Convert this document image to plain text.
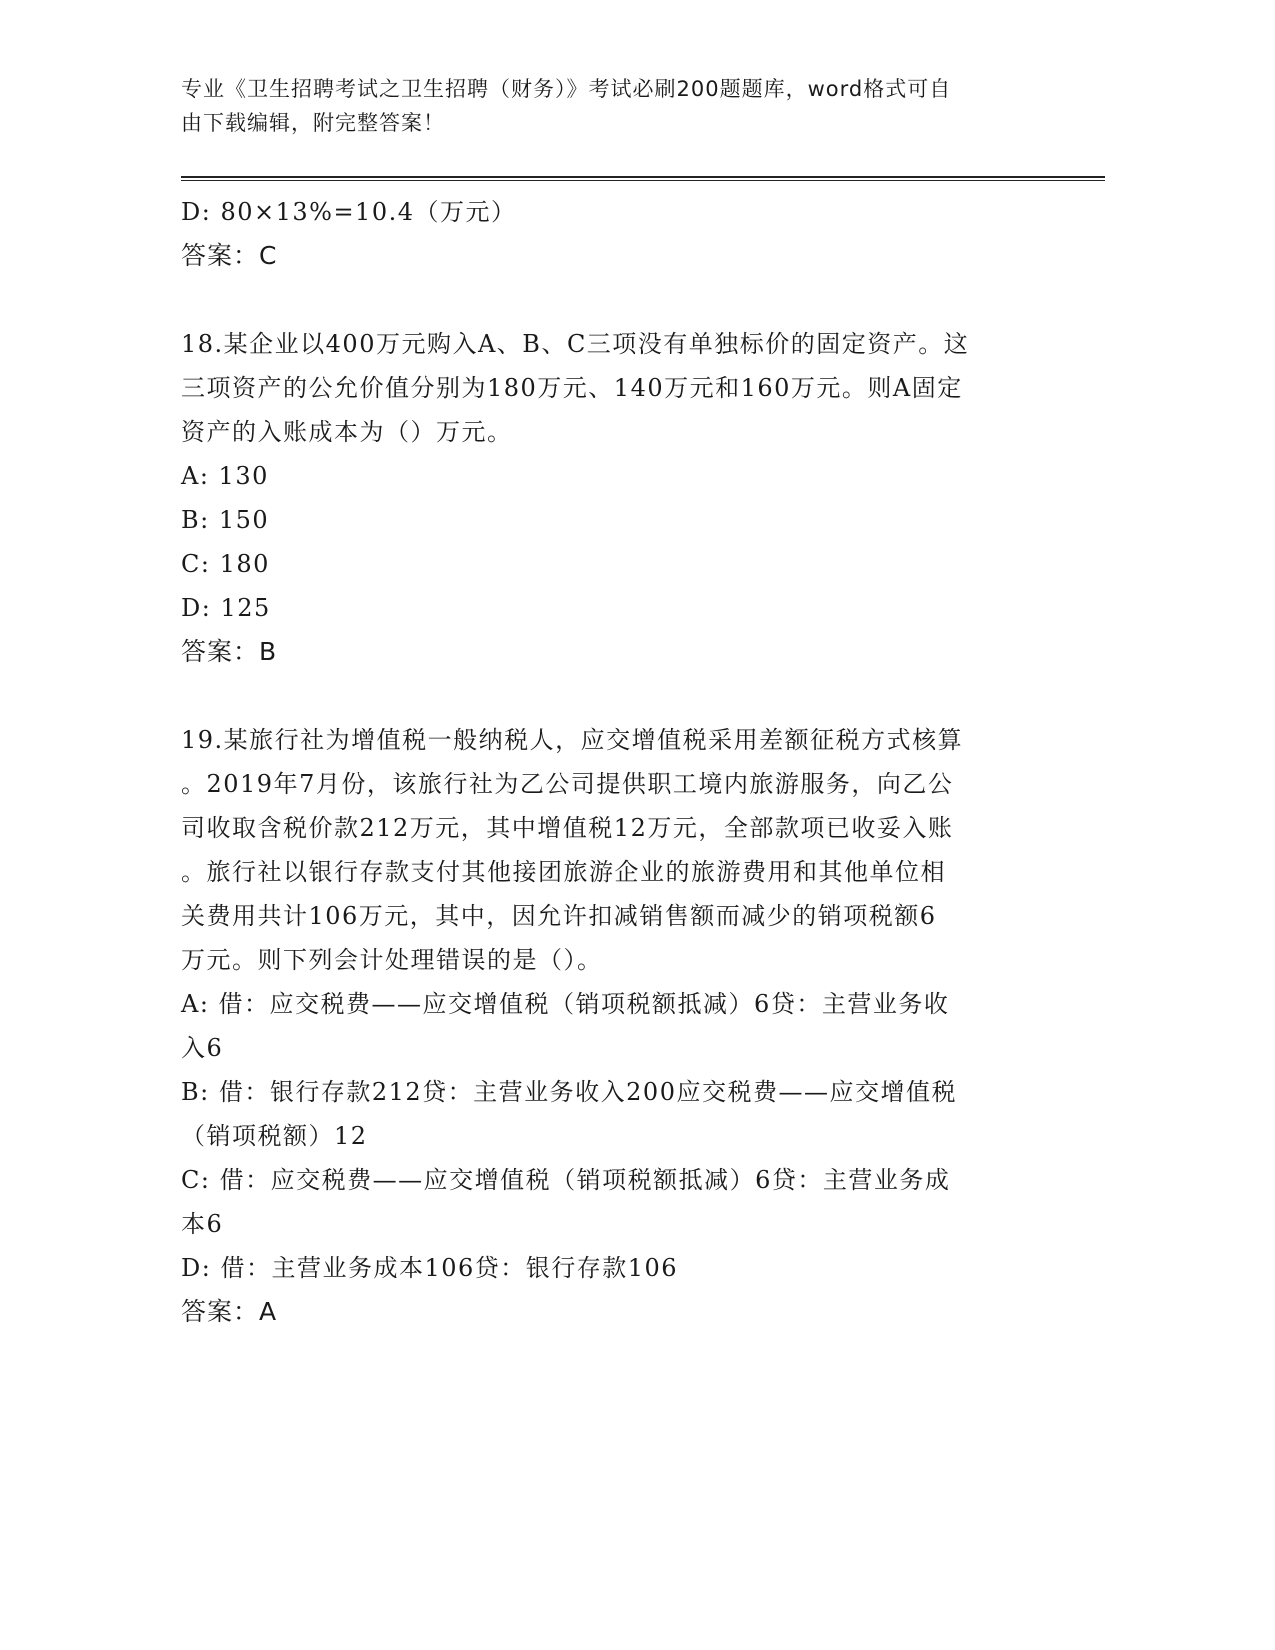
专业《卫生招聘考试之卫生招聘（财务）》考试必刷200题题库，word格式可自
由下载编辑，附完整答案！
D: 80×13%=10.4（万元）
答案：C
18.某企业以400万元购入A、B、C三项没有单独标价的固定资产。这
三项资产的公允价值分别为180万元、140万元和160万元。则A固定
资产的入账成本为（）万元。
A: 130
B: 150
C: 180
D: 125
答案：B
19.某旅行社为增值税一般纳税人，应交增值税采用差额征税方式核算
。2019年7月份，该旅行社为乙公司提供职工境内旅游服务，向乙公
司收取含税价款212万元，其中增值税12万元，全部款项已收妥入账
。旅行社以银行存款支付其他接团旅游企业的旅游费用和其他单位相
关费用共计106万元，其中，因允许扣减销售额而减少的销项税额6
万元。则下列会计处理错误的是（）。
A: 借：应交税费——应交增值税（销项税额抵减）6贷：主营业务收
入6
B: 借：银行存款212贷：主营业务收入200应交税费——应交增值税
（销项税额）12
C: 借：应交税费——应交增值税（销项税额抵减）6贷：主营业务成
本6
D: 借：主营业务成本106贷：银行存款106
答案：A
